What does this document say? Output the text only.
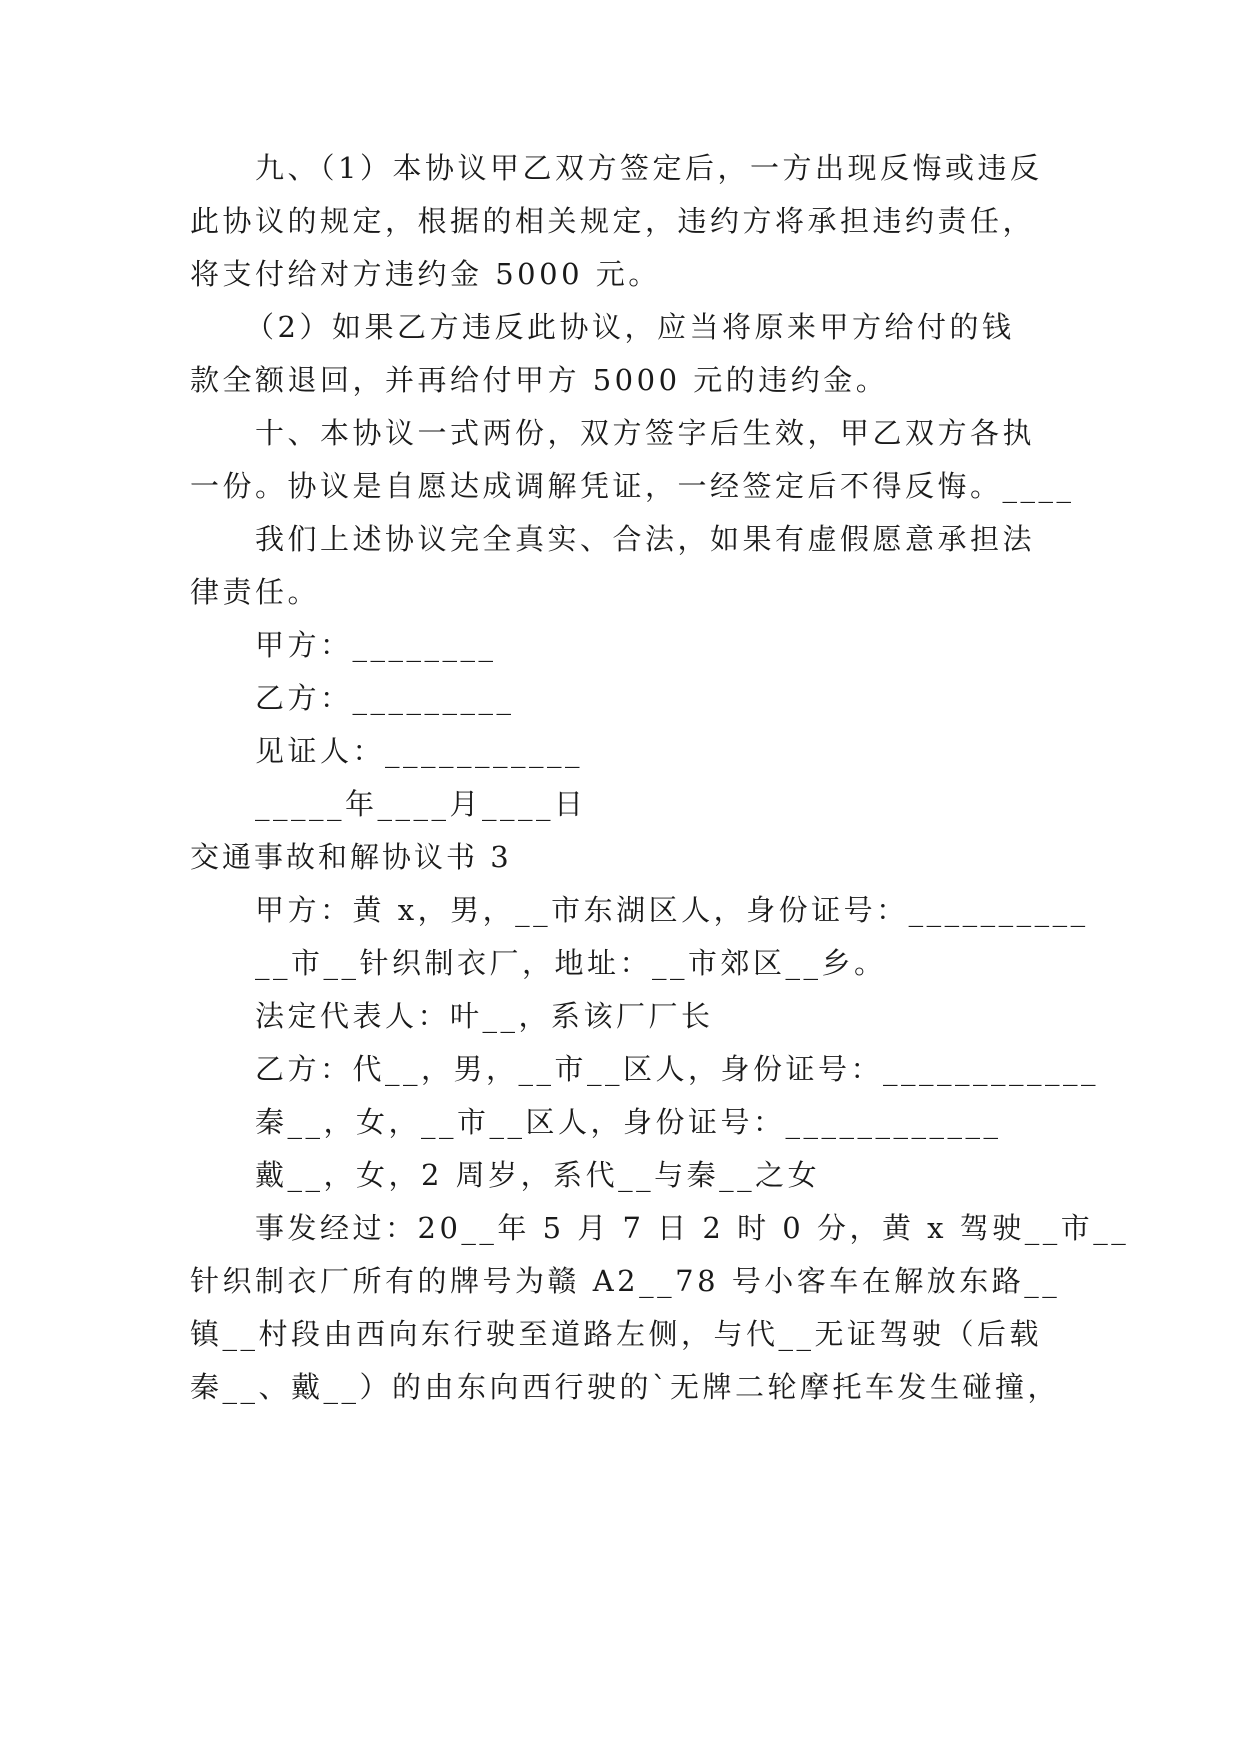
九、（1）本协议甲乙双方签定后，一方出现反悔或违反
此协议的规定，根据的相关规定，违约方将承担违约责任，
将支付给对方违约金 5000 元。
（2）如果乙方违反此协议，应当将原来甲方给付的钱
款全额退回，并再给付甲方 5000 元的违约金。
十、本协议一式两份，双方签字后生效，甲乙双方各执
一份。协议是自愿达成调解凭证，一经签定后不得反悔。____
我们上述协议完全真实、合法，如果有虚假愿意承担法
律责任。
甲方：________
乙方：_________
见证人：___________
_____年____月____日
交通事故和解协议书 3
甲方：黄 x，男，__市东湖区人，身份证号：__________
__市__针织制衣厂，地址：__市郊区__乡。
法定代表人：叶__，系该厂厂长
乙方：代__，男，__市__区人，身份证号：____________
秦__，女，__市__区人，身份证号：____________
戴__，女，2 周岁，系代__与秦__之女
事发经过：20__年 5 月 7 日 2 时 0 分，黄 x 驾驶__市__
针织制衣厂所有的牌号为赣 A2__78 号小客车在解放东路__
镇__村段由西向东行驶至道路左侧，与代__无证驾驶（后载
秦__、戴__）的由东向西行驶的`无牌二轮摩托车发生碰撞，
